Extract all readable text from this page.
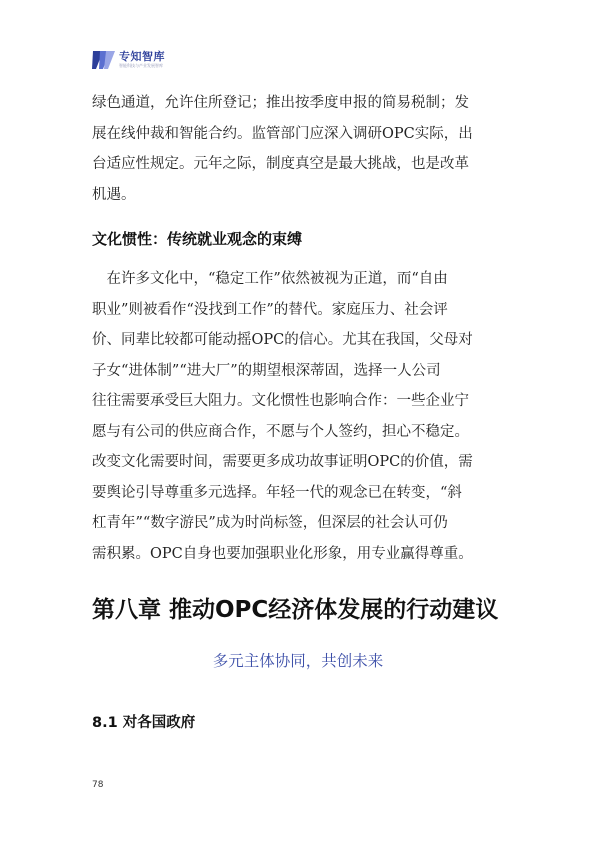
专知智库
智能科技与产业发展智库

绿色通道，允许住所登记；推出按季度申报的简易税制；发
展在线仲裁和智能合约。监管部门应深入调研OPC实际，出
台适应性规定。元年之际，制度真空是最大挑战，也是改革
机遇。

文化惯性：传统就业观念的束缚

　在许多文化中，“稳定工作”依然被视为正道，而“自由
职业”则被看作“没找到工作”的替代。家庭压力、社会评
价、同辈比较都可能动摇OPC的信心。尤其在我国，父母对
子女“进体制”“进大厂”的期望根深蒂固，选择一人公司
往往需要承受巨大阻力。文化惯性也影响合作：一些企业宁
愿与有公司的供应商合作，不愿与个人签约，担心不稳定。
改变文化需要时间，需要更多成功故事证明OPC的价值，需
要舆论引导尊重多元选择。年轻一代的观念已在转变，“斜
杠青年”“数字游民”成为时尚标签，但深层的社会认可仍
需积累。OPC自身也要加强职业化形象，用专业赢得尊重。

第八章 推动OPC经济体发展的行动建议

多元主体协同，共创未来

8.1 对各国政府
78
